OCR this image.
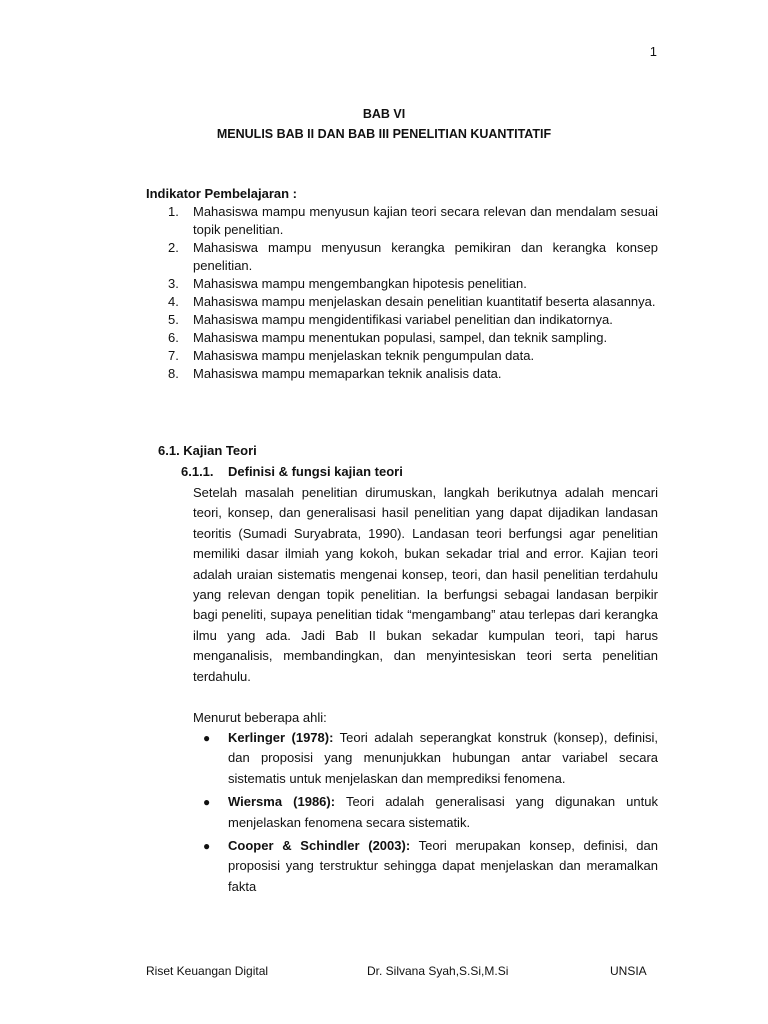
1
BAB VI
MENULIS BAB II DAN BAB III PENELITIAN KUANTITATIF
Indikator Pembelajaran :
1. Mahasiswa mampu menyusun kajian teori secara relevan dan mendalam sesuai topik penelitian.
2. Mahasiswa mampu menyusun kerangka pemikiran dan kerangka konsep penelitian.
3. Mahasiswa mampu mengembangkan hipotesis penelitian.
4. Mahasiswa mampu menjelaskan desain penelitian kuantitatif beserta alasannya.
5. Mahasiswa mampu mengidentifikasi variabel penelitian dan indikatornya.
6. Mahasiswa mampu menentukan populasi, sampel, dan teknik sampling.
7. Mahasiswa mampu menjelaskan teknik pengumpulan data.
8. Mahasiswa mampu memaparkan teknik analisis data.
6.1. Kajian Teori
6.1.1. Definisi & fungsi kajian teori
Setelah masalah penelitian dirumuskan, langkah berikutnya adalah mencari teori, konsep, dan generalisasi hasil penelitian yang dapat dijadikan landasan teoritis (Sumadi Suryabrata, 1990). Landasan teori berfungsi agar penelitian memiliki dasar ilmiah yang kokoh, bukan sekadar trial and error. Kajian teori adalah uraian sistematis mengenai konsep, teori, dan hasil penelitian terdahulu yang relevan dengan topik penelitian. Ia berfungsi sebagai landasan berpikir bagi peneliti, supaya penelitian tidak “mengambang” atau terlepas dari kerangka ilmu yang ada. Jadi Bab II bukan sekadar kumpulan teori, tapi harus menganalisis, membandingkan, dan menyintesiskan teori serta penelitian terdahulu.
Menurut beberapa ahli:
● Kerlinger (1978): Teori adalah seperangkat konstruk (konsep), definisi, dan proposisi yang menunjukkan hubungan antar variabel secara sistematis untuk menjelaskan dan memprediksi fenomena.
● Wiersma (1986): Teori adalah generalisasi yang digunakan untuk menjelaskan fenomena secara sistematik.
● Cooper & Schindler (2003): Teori merupakan konsep, definisi, dan proposisi yang terstruktur sehingga dapat menjelaskan dan meramalkan fakta
Riset Keuangan Digital	Dr. Silvana Syah,S.Si,M.Si	UNSIA
